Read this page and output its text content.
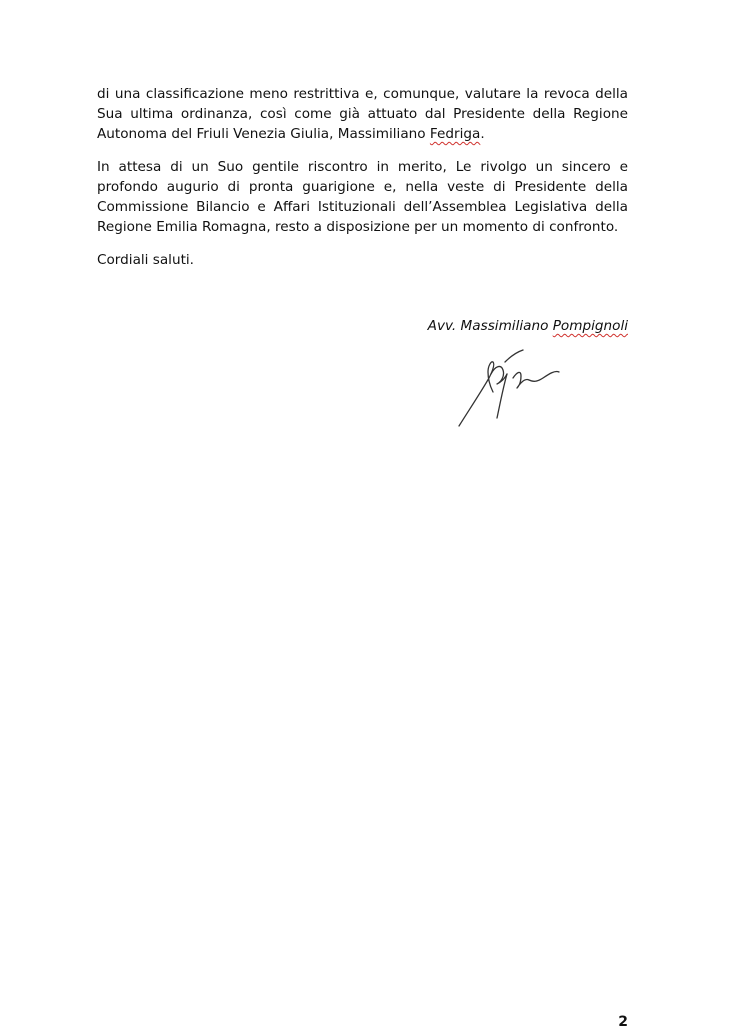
di una classificazione meno restrittiva e, comunque, valutare la revoca della
Sua ultima ordinanza, così come già attuato dal Presidente della Regione
Autonoma del Friuli Venezia Giulia, Massimiliano Fedriga.
In attesa di un Suo gentile riscontro in merito, Le rivolgo un sincero e
profondo augurio di pronta guarigione e, nella veste di Presidente della
Commissione Bilancio e Affari Istituzionali dell’Assemblea Legislativa della
Regione Emilia Romagna, resto a disposizione per un momento di confronto.
Cordiali saluti.
Avv. Massimiliano Pompignoli
2
